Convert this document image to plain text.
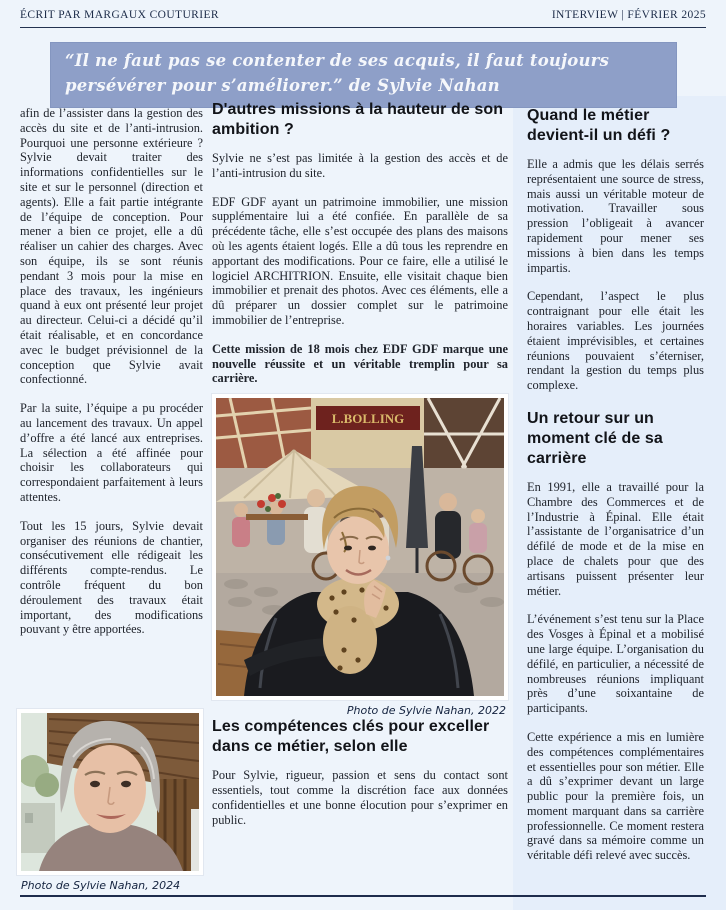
ÉCRIT PAR MARGAUX COUTURIER	INTERVIEW | FÉVRIER 2025
“Il ne faut pas se contenter de ses acquis, il faut toujours persévérer pour s’améliorer.” de Sylvie Nahan

afin de l’assister dans la gestion des accès du site et de l’anti-intrusion. Pourquoi une personne extérieure ? Sylvie devait traiter des informations confidentielles sur le site et sur le personnel (direction et agents). Elle a fait partie intégrante de l’équipe de conception. Pour mener a bien ce projet, elle a dû réaliser un cahier des charges. Avec son équipe, ils se sont réunis pendant 3 mois pour la mise en place des travaux, les ingénieurs quand à eux ont présenté leur projet au directeur. Celui-ci a décidé qu’il était réalisable, et en concordance avec le budget prévisionnel de la conception que Sylvie avait confectionné.

Par la suite, l’équipe a pu procéder au lancement des travaux. Un appel d’offre a été lancé aux entreprises. La sélection a été affinée pour choisir les collaborateurs qui correspondaient parfaitement à leurs attentes.

Tout les 15 jours, Sylvie devait organiser des réunions de chantier, consécutivement elle rédigeait les différents compte-rendus. Le contrôle fréquent du bon déroulement des travaux était important, des modifications pouvant y être apportées.

Photo de Sylvie Nahan, 2024
D'autres missions à la hauteur de son ambition ?

Sylvie ne s’est pas limitée à la gestion des accès et de l’anti-intrusion du site.

EDF GDF ayant un patrimoine immobilier, une mission supplémentaire lui a été confiée. En parallèle de sa précédente tâche, elle s’est occupée des plans des maisons où les agents étaient logés. Elle a dû tous les reprendre en apportant des modifications. Pour ce faire, elle a utilisé le logiciel ARCHITRION. Ensuite, elle visitait chaque bien immobilier et prenait des photos. Avec ces éléments, elle a dû préparer un dossier complet sur le patrimoine immobilier de l’entreprise.

Cette mission de 18 mois chez EDF GDF marque une nouvelle réussite et un véritable tremplin pour sa carrière.

L.BOLLING
Photo de Sylvie Nahan, 2022
Les compétences clés pour exceller dans ce métier, selon elle

Pour Sylvie, rigueur, passion et sens du contact sont essentiels, tout comme la discrétion face aux données confidentielles et une bonne élocution pour s’exprimer en public.

Quand le métier devient-il un défi ?

Elle a admis que les délais serrés représentaient une source de stress, mais aussi un véritable moteur de motivation. Travailler sous pression l’obligeait à avancer rapidement pour mener ses missions à bien dans les temps impartis.

Cependant, l’aspect le plus contraignant pour elle était les horaires variables. Les journées étaient imprévisibles, et certaines réunions pouvaient s’éterniser, rendant la gestion du temps plus complexe.

Un retour sur un moment clé de sa carrière

En 1991, elle a travaillé pour la Chambre des Commerces et de l’Industrie à Épinal. Elle était l’assistante de l’organisatrice d’un défilé de mode et de la mise en place de chalets pour que des artisans puissent présenter leur métier.

L’événement s’est tenu sur la Place des Vosges à Épinal et a mobilisé une large équipe. L’organisation du défilé, en particulier, a nécessité de nombreuses réunions impliquant près d’une soixantaine de participants.

Cette expérience a mis en lumière des compétences complémentaires et essentielles pour son métier. Elle a dû s’exprimer devant un large public pour la première fois, un moment marquant dans sa carrière professionnelle. Ce moment restera gravé dans sa mémoire comme un véritable défi relevé avec succès.
